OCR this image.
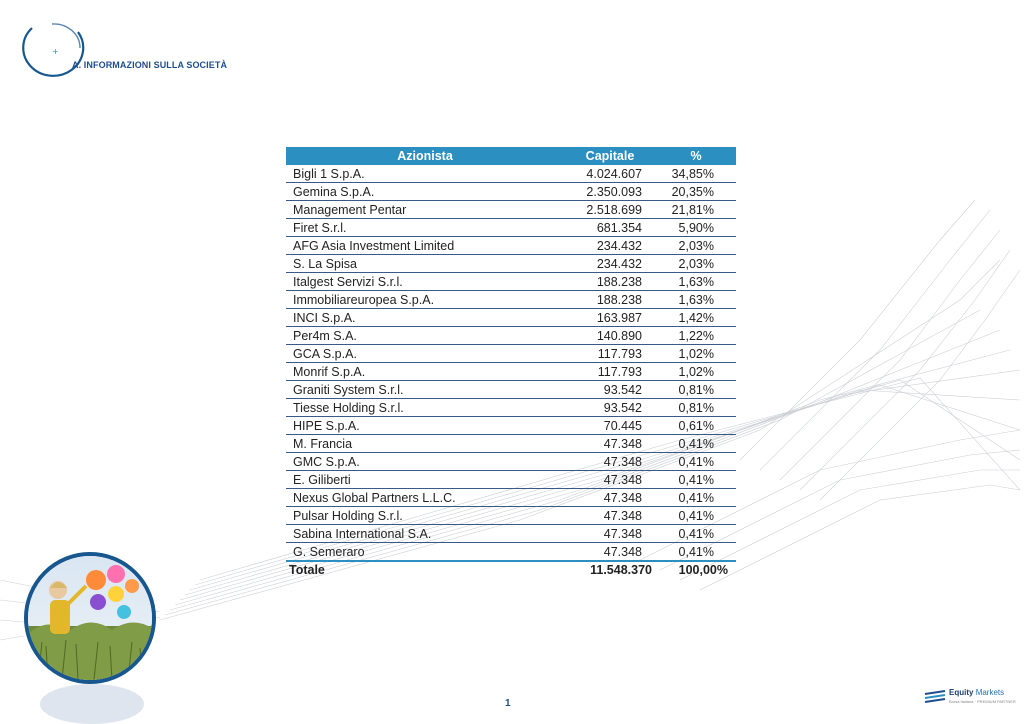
+
A. INFORMAZIONI SULLA SOCIETÀ
Azionista	Capitale	%
Bigli 1 S.p.A.	4.024.607	34,85%
Gemina S.p.A.	2.350.093	20,35%
Management Pentar	2.518.699	21,81%
Firet S.r.l.	681.354	5,90%
AFG Asia Investment Limited	234.432	2,03%
S. La Spisa	234.432	2,03%
Italgest Servizi S.r.l.	188.238	1,63%
Immobiliareuropea S.p.A.	188.238	1,63%
INCI S.p.A.	163.987	1,42%
Per4m S.A.	140.890	1,22%
GCA S.p.A.	117.793	1,02%
Monrif S.p.A.	117.793	1,02%
Graniti System S.r.l.	93.542	0,81%
Tiesse Holding S.r.l.	93.542	0,81%
HIPE S.p.A.	70.445	0,61%
M. Francia	47.348	0,41%
GMC S.p.A.	47.348	0,41%
E. Giliberti	47.348	0,41%
Nexus Global Partners L.L.C.	47.348	0,41%
Pulsar Holding S.r.l.	47.348	0,41%
Sabina International S.A.	47.348	0,41%
G. Semeraro	47.348	0,41%
Totale	11.548.370	100,00%
1
Equity Markets
Borsa Italiana · PREMIUM PARTNER
